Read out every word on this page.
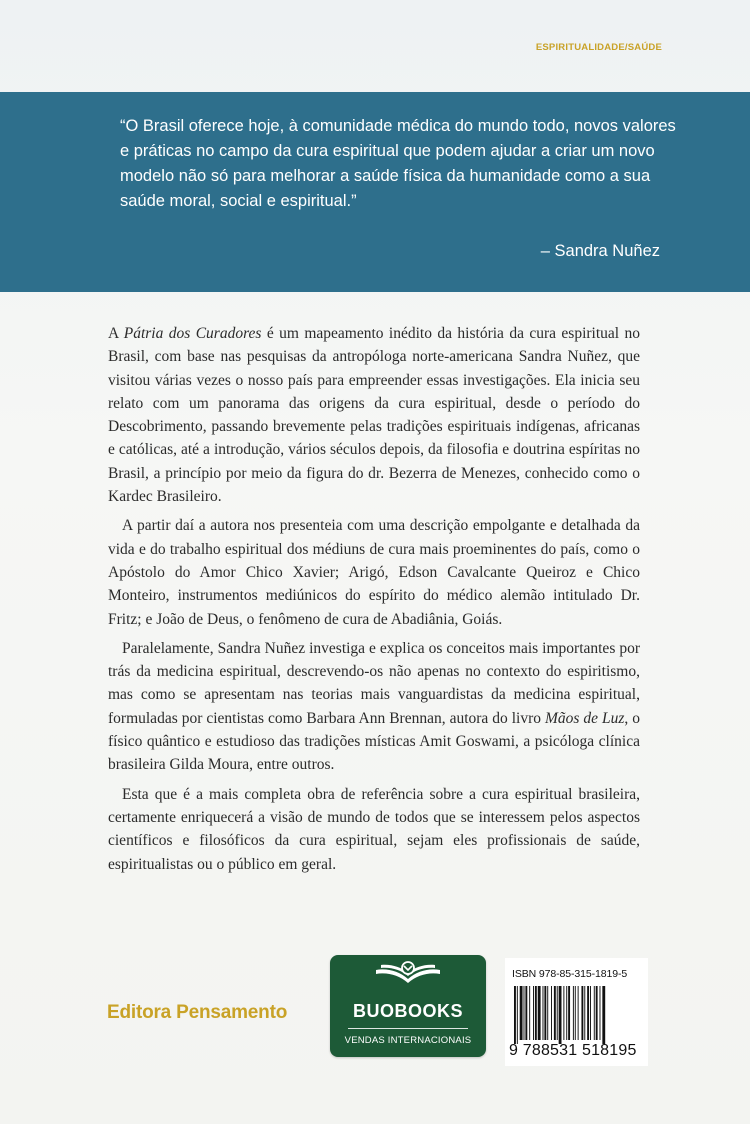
ESPIRITUALIDADE/SAÚDE

“O Brasil oferece hoje, à comunidade médica do mundo todo, novos valores e práticas no campo da cura espiritual que podem ajudar a criar um novo modelo não só para melhorar a saúde física da humanidade como a sua saúde moral, social e espiritual.”

– Sandra Nuñez

A Pátria dos Curadores é um mapeamento inédito da história da cura espiritual no Brasil, com base nas pesquisas da antropóloga norte-americana Sandra Nuñez, que visitou várias vezes o nosso país para empreender essas investigações. Ela inicia seu relato com um panorama das origens da cura espiritual, desde o período do Descobrimento, passando brevemente pelas tradições espirituais indígenas, africanas e católicas, até a introdução, vários séculos depois, da filosofia e doutrina espíritas no Brasil, a princípio por meio da figura do dr. Bezerra de Menezes, conhecido como o Kardec Brasileiro.

A partir daí a autora nos presenteia com uma descrição empolgante e detalhada da vida e do trabalho espiritual dos médiuns de cura mais proeminentes do país, como o Apóstolo do Amor Chico Xavier; Arigó, Edson Cavalcante Queiroz e Chico Monteiro, instrumentos mediúnicos do espírito do médico alemão intitulado Dr. Fritz; e João de Deus, o fenômeno de cura de Abadiânia, Goiás.

Paralelamente, Sandra Nuñez investiga e explica os conceitos mais importantes por trás da medicina espiritual, descrevendo-os não apenas no contexto do espiritismo, mas como se apresentam nas teorias mais vanguardistas da medicina espiritual, formuladas por cientistas como Barbara Ann Brennan, autora do livro Mãos de Luz, o físico quântico e estudioso das tradições místicas Amit Goswami, a psicóloga clínica brasileira Gilda Moura, entre outros.

Esta que é a mais completa obra de referência sobre a cura espiritual brasileira, certamente enriquecerá a visão de mundo de todos que se interessem pelos aspectos científicos e filosóficos da cura espiritual, sejam eles profissionais de saúde, espiritualistas ou o público em geral.

Editora Pensamento	BUOBOOKS
VENDAS INTERNACIONAIS
ISBN 978-85-315-1819-5
9 788531 518195
